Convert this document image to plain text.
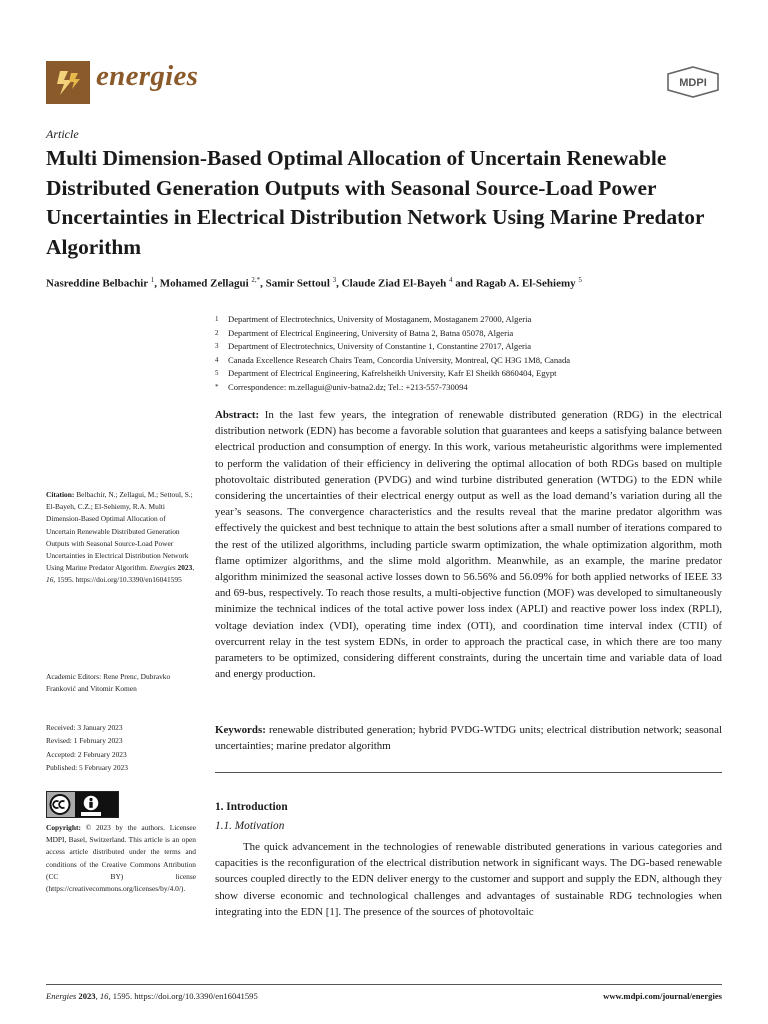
energies	MDPI
Article
Multi Dimension-Based Optimal Allocation of Uncertain Renewable Distributed Generation Outputs with Seasonal Source-Load Power Uncertainties in Electrical Distribution Network Using Marine Predator Algorithm
Nasreddine Belbachir $^1$, Mohamed Zellagui $^{2,*}$, Samir Settoul $^3$, Claude Ziad El-Bayeh $^4$ and Ragab A. El-Sehiemy $^5$
1	Department of Electrotechnics, University of Mostaganem, Mostaganem 27000, Algeria
2	Department of Electrical Engineering, University of Batna 2, Batna 05078, Algeria
3	Department of Electrotechnics, University of Constantine 1, Constantine 27017, Algeria
4	Canada Excellence Research Chairs Team, Concordia University, Montreal, QC H3G 1M8, Canada
5	Department of Electrical Engineering, Kafrelsheikh University, Kafr El Sheikh 6860404, Egypt
*	Correspondence: m.zellagui@univ-batna2.dz; Tel.: +213-557-730094

Abstract: In the last few years, the integration of renewable distributed generation (RDG) in the electrical distribution network (EDN) has become a favorable solution that guarantees and keeps a satisfying balance between electrical production and consumption of energy. In this work, various metaheuristic algorithms were implemented to perform the validation of their efficiency in delivering the optimal allocation of both RDGs based on multiple photovoltaic distributed generation (PVDG) and wind turbine distributed generation (WTDG) to the EDN while considering the uncertainties of their electrical energy output as well as the load demand’s variation during all the year’s seasons. The convergence characteristics and the results reveal that the marine predator algorithm was effectively the quickest and best technique to attain the best solutions after a small number of iterations compared to the rest of the utilized algorithms, including particle swarm optimization, the whale optimization algorithm, moth flame optimizer algorithms, and the slime mold algorithm. Meanwhile, as an example, the marine predator algorithm minimized the seasonal active losses down to 56.56% and 56.09% for both applied networks of IEEE 33 and 69-bus, respectively. To reach those results, a multi-objective function (MOF) was developed to simultaneously minimize the technical indices of the total active power loss index (APLI) and reactive power loss index (RPLI), voltage deviation index (VDI), operating time index (OTI), and coordination time interval index (CTII) of overcurrent relay in the test system EDNs, in order to approach the practical case, in which there are too many parameters to be optimized, considering different constraints, during the uncertain time and variable data of load and energy production.

Keywords: renewable distributed generation; hybrid PVDG-WTDG units; electrical distribution network; seasonal uncertainties; marine predator algorithm

1. Introduction
1.1. Motivation

The quick advancement in the technologies of renewable distributed generations in various categories and capacities is the reconfiguration of the electrical distribution network in significant ways. The DG-based renewable sources coupled directly to the EDN deliver energy to the customer and support and supply the EDN, although they show diverse economic and technological challenges and advantages of sustainable RDG technologies when integrating into the EDN [1]. The presence of the sources of photovoltaic

Citation: Belbachir, N.; Zellagui, M.; Settoul, S.; El-Bayeh, C.Z.; El-Sehiemy, R.A. Multi Dimension-Based Optimal Allocation of Uncertain Renewable Distributed Generation Outputs with Seasonal Source-Load Power Uncertainties in Electrical Distribution Network Using Marine Predator Algorithm. Energies 2023, 16, 1595. https://doi.org/10.3390/en16041595

Academic Editors: Rene Prenc, Dubravko Franković and Vitomir Komen

Received: 3 January 2023
Revised: 1 February 2023
Accepted: 2 February 2023
Published: 5 February 2023

Copyright: © 2023 by the authors. Licensee MDPI, Basel, Switzerland. This article is an open access article distributed under the terms and conditions of the Creative Commons Attribution (CC BY) license (https://creativecommons.org/licenses/by/4.0/).

Energies 2023, 16, 1595. https://doi.org/10.3390/en16041595	www.mdpi.com/journal/energies
